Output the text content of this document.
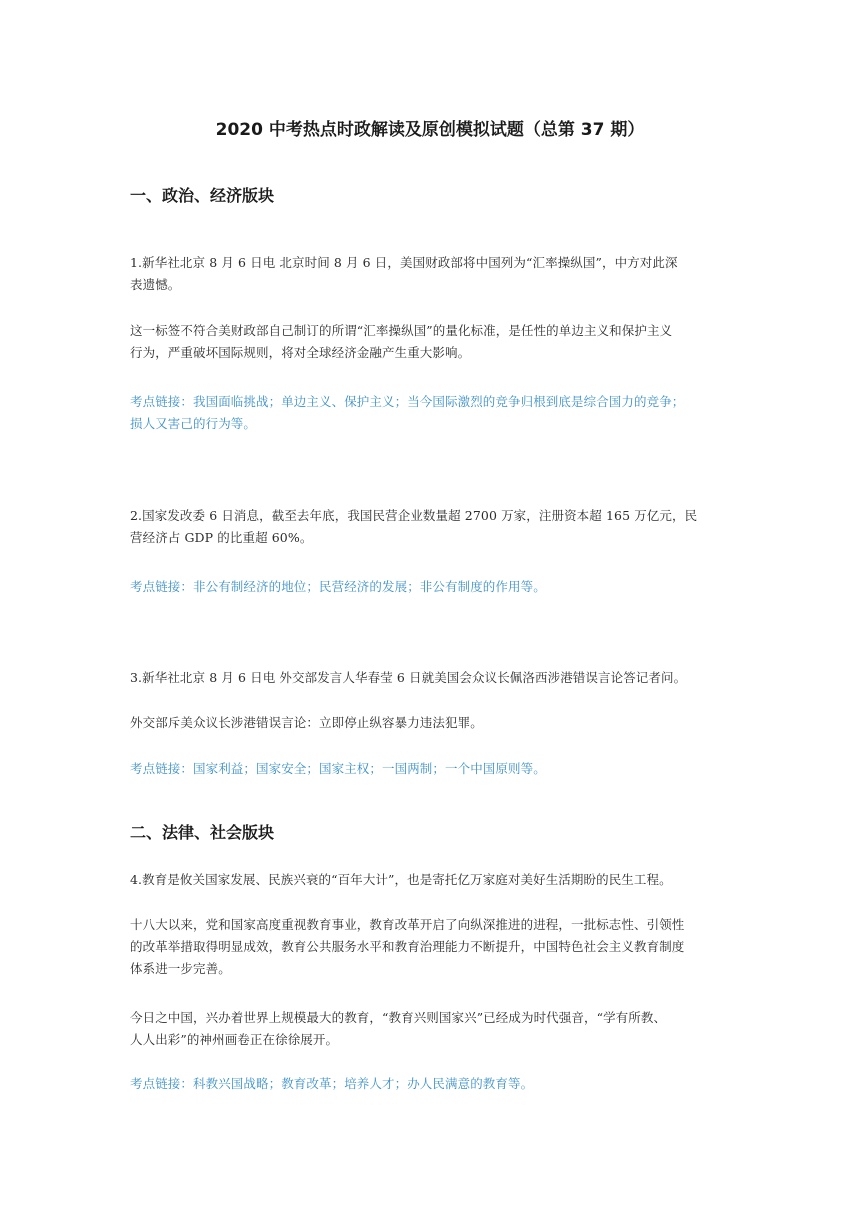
2020 中考热点时政解读及原创模拟试题（总第 37 期）
一、政治、经济版块
1.新华社北京 8 月 6 日电 北京时间 8 月 6 日，美国财政部将中国列为“汇率操纵国”，中方对此深
表遗憾。
这一标签不符合美财政部自己制订的所谓“汇率操纵国”的量化标准，是任性的单边主义和保护主义
行为，严重破坏国际规则，将对全球经济金融产生重大影响。
考点链接：我国面临挑战；单边主义、保护主义；当今国际激烈的竞争归根到底是综合国力的竞争；
损人又害己的行为等。
2.国家发改委 6 日消息，截至去年底，我国民营企业数量超 2700 万家，注册资本超 165 万亿元，民
营经济占 GDP 的比重超 60%。
考点链接：非公有制经济的地位；民营经济的发展；非公有制度的作用等。
3.新华社北京 8 月 6 日电 外交部发言人华春莹 6 日就美国会众议长佩洛西涉港错误言论答记者问。
外交部斥美众议长涉港错误言论：立即停止纵容暴力违法犯罪。
考点链接：国家利益；国家安全；国家主权；一国两制；一个中国原则等。
二、法律、社会版块
4.教育是攸关国家发展、民族兴衰的“百年大计”，也是寄托亿万家庭对美好生活期盼的民生工程。
十八大以来，党和国家高度重视教育事业，教育改革开启了向纵深推进的进程，一批标志性、引领性
的改革举措取得明显成效，教育公共服务水平和教育治理能力不断提升，中国特色社会主义教育制度
体系进一步完善。
今日之中国，兴办着世界上规模最大的教育，“教育兴则国家兴”已经成为时代强音，“学有所教、
人人出彩”的神州画卷正在徐徐展开。
考点链接：科教兴国战略；教育改革；培养人才；办人民满意的教育等。
